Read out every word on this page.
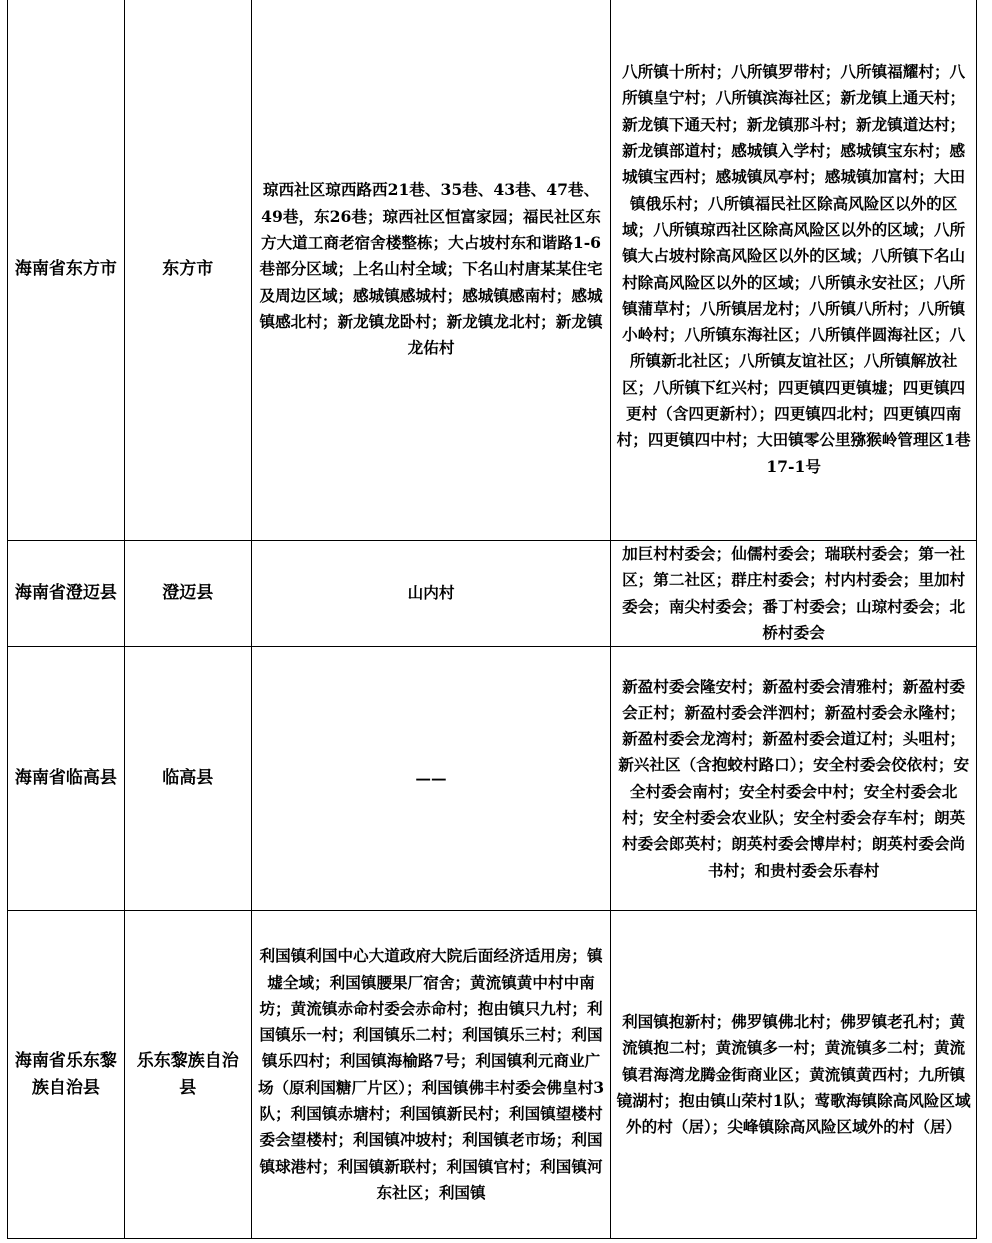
海南省东方市	东方市	琼西社区琼西路西21巷、35巷、43巷、47巷、49巷，东26巷；琼西社区恒富家园；福民社区东方大道工商老宿舍楼整栋；大占坡村东和谐路1-6巷部分区域；上名山村全域；下名山村唐某某住宅及周边区域；感城镇感城村；感城镇感南村；感城镇感北村；新龙镇龙卧村；新龙镇龙北村；新龙镇龙佑村	八所镇十所村；八所镇罗带村；八所镇福耀村；八所镇皇宁村；八所镇滨海社区；新龙镇上通天村；新龙镇下通天村；新龙镇那斗村；新龙镇道达村；新龙镇部道村；感城镇入学村；感城镇宝东村；感城镇宝西村；感城镇凤亭村；感城镇加富村；大田镇俄乐村；八所镇福民社区除高风险区以外的区域；八所镇琼西社区除高风险区以外的区域；八所镇大占坡村除高风险区以外的区域；八所镇下名山村除高风险区以外的区域；八所镇永安社区；八所镇蒲草村；八所镇居龙村；八所镇八所村；八所镇小岭村；八所镇东海社区；八所镇伴圆海社区；八所镇新北社区；八所镇友谊社区；八所镇解放社区；八所镇下红兴村；四更镇四更镇墟；四更镇四更村（含四更新村）；四更镇四北村；四更镇四南村；四更镇四中村；大田镇零公里猕猴岭管理区1巷17-1号

海南省澄迈县	澄迈县	山内村	加巨村村委会；仙儒村委会；瑞联村委会；第一社区；第二社区；群庄村委会；村内村委会；里加村委会；南尖村委会；番丁村委会；山琼村委会；北桥村委会

海南省临高县	临高县	——	新盈村委会隆安村；新盈村委会清雅村；新盈村委会正村；新盈村委会泮泗村；新盈村委会永隆村；新盈村委会龙湾村；新盈村委会道辽村；头咀村；新兴社区（含抱蛟村路口）；安全村委会佼依村；安全村委会南村；安全村委会中村；安全村委会北村；安全村委会农业队；安全村委会存车村；朗英村委会郎英村；朗英村委会博岸村；朗英村委会尚书村；和贵村委会乐春村

海南省乐东黎族自治县	乐东黎族自治县	利国镇利国中心大道政府大院后面经济适用房；镇墟全域；利国镇腰果厂宿舍；黄流镇黄中村中南坊；黄流镇赤命村委会赤命村；抱由镇只九村；利国镇乐一村；利国镇乐二村；利国镇乐三村；利国镇乐四村；利国镇海榆路7号；利国镇利元商业广场（原利国糖厂片区）；利国镇佛丰村委会佛皇村3队；利国镇赤塘村；利国镇新民村；利国镇望楼村委会望楼村；利国镇冲坡村；利国镇老市场；利国镇球港村；利国镇新联村；利国镇官村；利国镇河东社区；利国镇	利国镇抱新村；佛罗镇佛北村；佛罗镇老孔村；黄流镇抱二村；黄流镇多一村；黄流镇多二村；黄流镇君海湾龙腾金街商业区；黄流镇黄西村；九所镇镜湖村；抱由镇山荣村1队；莺歌海镇除高风险区域外的村（居）；尖峰镇除高风险区域外的村（居）
